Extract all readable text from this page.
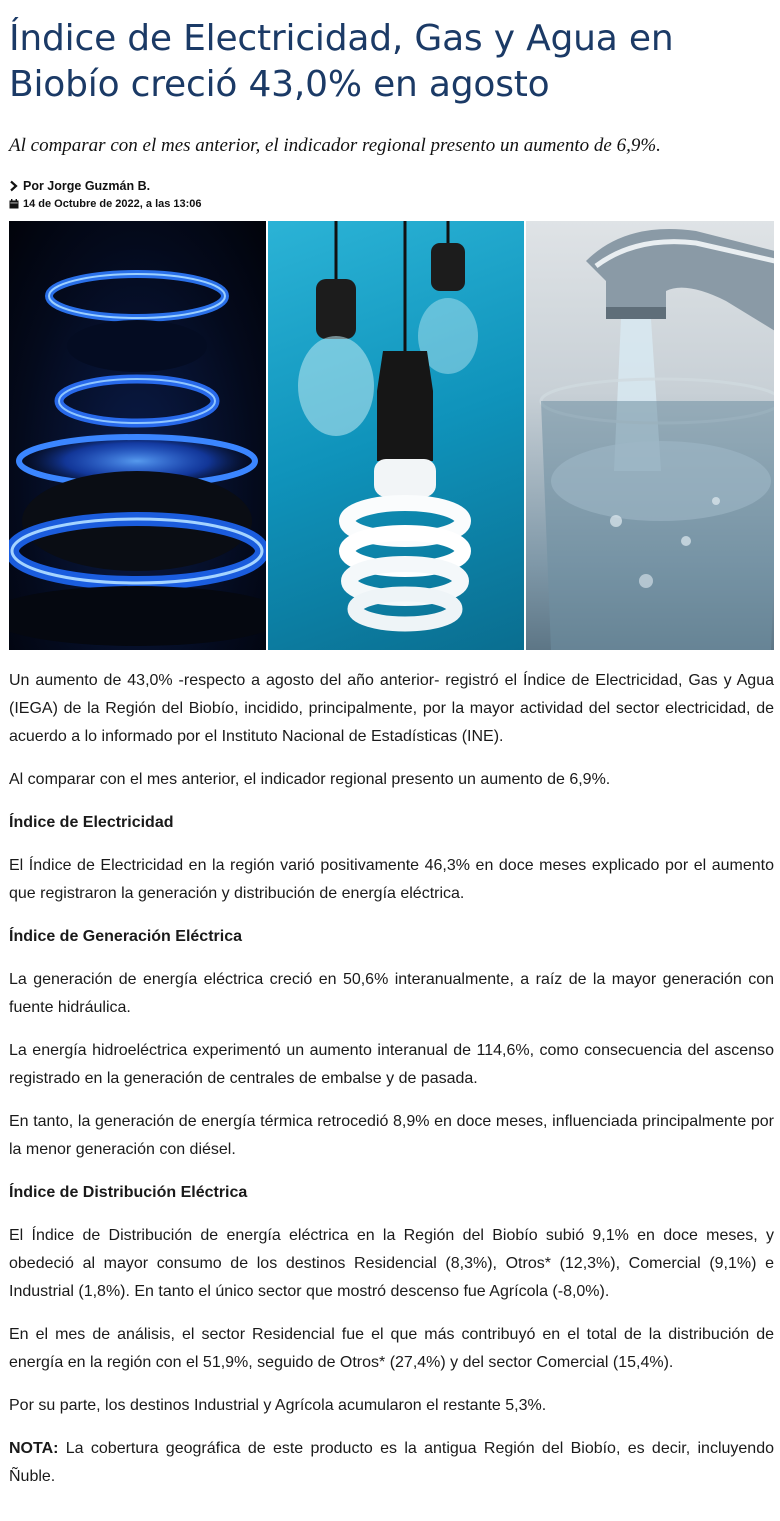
Índice de Electricidad, Gas y Agua en Biobío creció 43,0% en agosto

Al comparar con el mes anterior, el indicador regional presento un aumento de 6,9%.

Por Jorge Guzmán B.
14 de Octubre de 2022, a las 13:06

Un aumento de 43,0% -respecto a agosto del año anterior- registró el Índice de Electricidad, Gas y Agua (IEGA) de la Región del Biobío, incidido, principalmente, por la mayor actividad del sector electricidad, de acuerdo a lo informado por el Instituto Nacional de Estadísticas (INE).

Al comparar con el mes anterior, el indicador regional presento un aumento de 6,9%.

Índice de Electricidad

El Índice de Electricidad en la región varió positivamente 46,3% en doce meses explicado por el aumento que registraron la generación y distribución de energía eléctrica.

Índice de Generación Eléctrica

La generación de energía eléctrica creció en 50,6% interanualmente, a raíz de la mayor generación con fuente hidráulica.

La energía hidroeléctrica experimentó un aumento interanual de 114,6%, como consecuencia del ascenso registrado en la generación de centrales de embalse y de pasada.

En tanto, la generación de energía térmica retrocedió 8,9% en doce meses, influenciada principalmente por la menor generación con diésel.

Índice de Distribución Eléctrica

El Índice de Distribución de energía eléctrica en la Región del Biobío subió 9,1% en doce meses, y obedeció al mayor consumo de los destinos Residencial (8,3%), Otros* (12,3%), Comercial (9,1%) e Industrial (1,8%). En tanto el único sector que mostró descenso fue Agrícola (-8,0%).

En el mes de análisis, el sector Residencial fue el que más contribuyó en el total de la distribución de energía en la región con el 51,9%, seguido de Otros* (27,4%) y del sector Comercial (15,4%).

Por su parte, los destinos Industrial y Agrícola acumularon el restante 5,3%.

NOTA: La cobertura geográfica de este producto es la antigua Región del Biobío, es decir, incluyendo Ñuble.
